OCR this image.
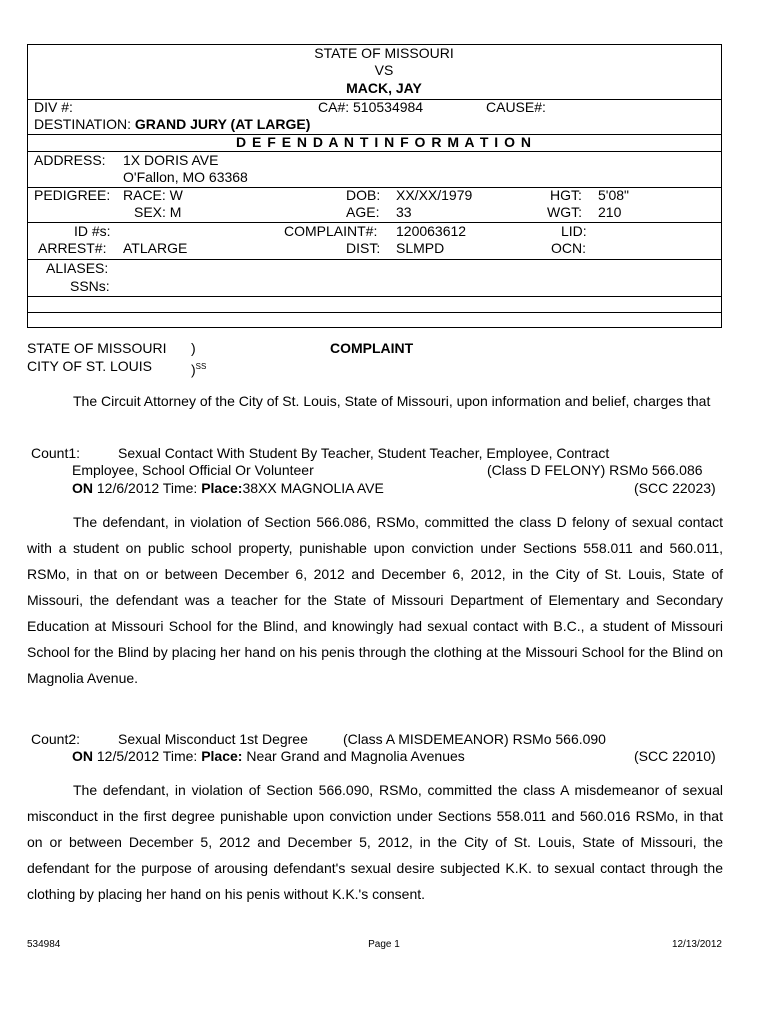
STATE OF MISSOURI
VS
MACK, JAY
DIV #:	CA#: 510534984	CAUSE#:
DESTINATION: GRAND JURY (AT LARGE)
D E F E N D A N T I N F O R M A T I O N
ADDRESS: 1X DORIS AVE
O'Fallon, MO 63368
PEDIGREE: RACE: W
SEX: M
DOB: XX/XX/1979
AGE: 33
HGT: 5'08"
WGT: 210
ID #s:
ARREST#: ATLARGE
COMPLAINT#: 120063612
DIST: SLMPD
LID:
OCN:
ALIASES:
SSNs:
STATE OF MISSOURI )	COMPLAINT
CITY OF ST. LOUIS	)$^{SS}$

The Circuit Attorney of the City of St. Louis, State of Missouri, upon information and belief, charges that

Count1:	Sexual Contact With Student By Teacher, Student Teacher, Employee, Contract
Employee, School Official Or Volunteer	(Class D FELONY) RSMo 566.086
ON 12/6/2012 Time: Place:38XX MAGNOLIA AVE	(SCC 22023)

The defendant, in violation of Section 566.086, RSMo, committed the class D felony of sexual contact with a student on public school property, punishable upon conviction under Sections 558.011 and 560.011, RSMo, in that on or between December 6, 2012 and December 6, 2012, in the City of St. Louis, State of Missouri, the defendant was a teacher for the State of Missouri Department of Elementary and Secondary Education at Missouri School for the Blind, and knowingly had sexual contact with B.C., a student of Missouri School for the Blind by placing her hand on his penis through the clothing at the Missouri School for the Blind on Magnolia Avenue.

Count2:	Sexual Misconduct 1st Degree	(Class A MISDEMEANOR) RSMo 566.090
ON 12/5/2012 Time: Place: Near Grand and Magnolia Avenues	(SCC 22010)

The defendant, in violation of Section 566.090, RSMo, committed the class A misdemeanor of sexual misconduct in the first degree punishable upon conviction under Sections 558.011 and 560.016 RSMo, in that on or between December 5, 2012 and December 5, 2012, in the City of St. Louis, State of Missouri, the defendant for the purpose of arousing defendant's sexual desire subjected K.K. to sexual contact through the clothing by placing her hand on his penis without K.K.'s consent.

534984	Page 1	12/13/2012
